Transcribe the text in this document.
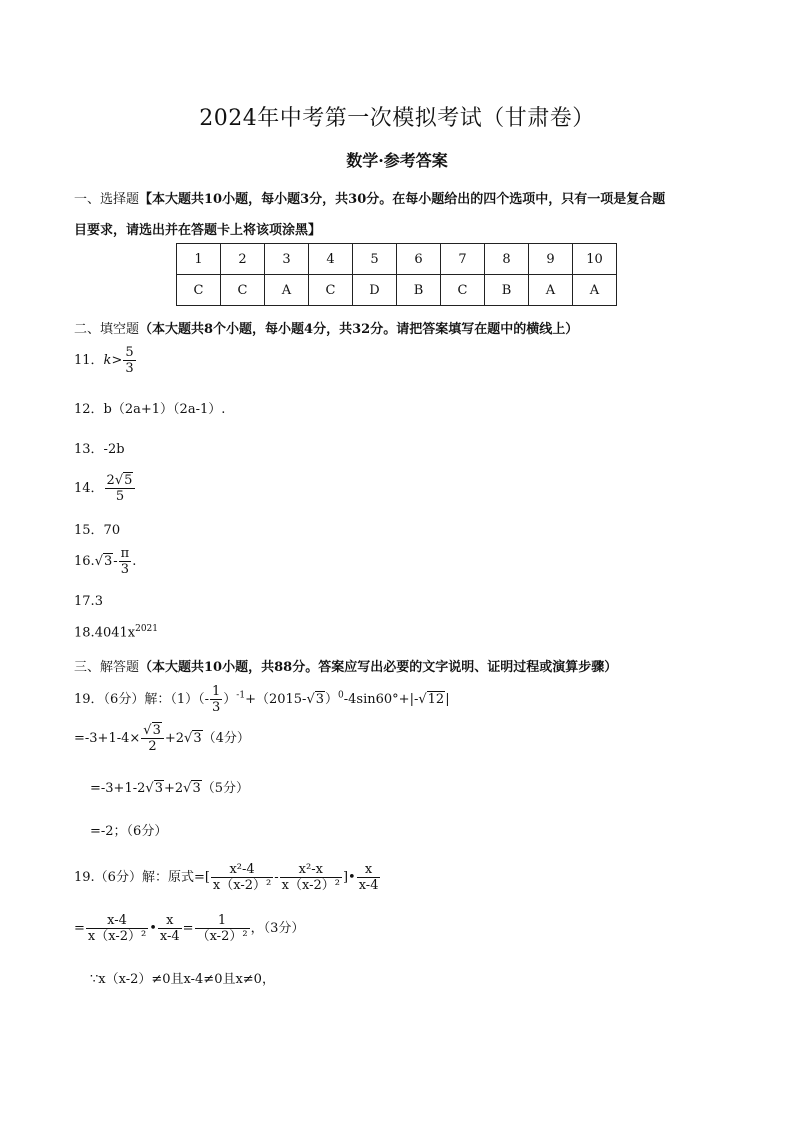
2024年中考第一次模拟考试（甘肃卷）
数学·参考答案
一、选择题【本大题共10小题，每小题3分，共30分。在每小题给出的四个选项中，只有一项是复合题
目要求，请选出并在答题卡上将该项涂黑】
1	2	3	4	5	6	7	8	9	10
C	C	A	C	D	B	C	B	A	A
二、填空题（本大题共8个小题，每小题4分，共32分。请把答案填写在题中的横线上）
11．$k> \frac{5}{3}$
12．b（2a+1）（2a-1）.
13．-2b
14． $\frac{2√5}{5}$
15．70
$16.√3- \frac{\pi}{3}$ .
17.3
$18.4041x^{2021}$
三、解答题（本大题共10小题，共88分。答案应写出必要的文字说明、证明过程或演算步骤）
19．（6分）解：$(1)(- \frac{1}{3} )^{-1}+(2015-√3)^0-4\sin 60^\circ+|-√12|$
$=-3+1-4\times \frac{√3}{2} +2√3(4$分）
=-3+1-2√3+2√3（5分）
=-2；（6分）
19.（6分）解：原式=[ $\frac{\text{x²-4}}{\text{x（x-2）²}} - \frac{\text{x²-x}}{\text{x（x-2）²}}$ ]• $\frac{x}{x-4}$
= $\frac{x-4}{\text{x（x-2）²}}$ • $\frac{x}{x-4} = \frac{1}{\text{（x-2）²}}$ ，（3分）
∵x（x-2）≠0且x-4≠0且x≠0，
